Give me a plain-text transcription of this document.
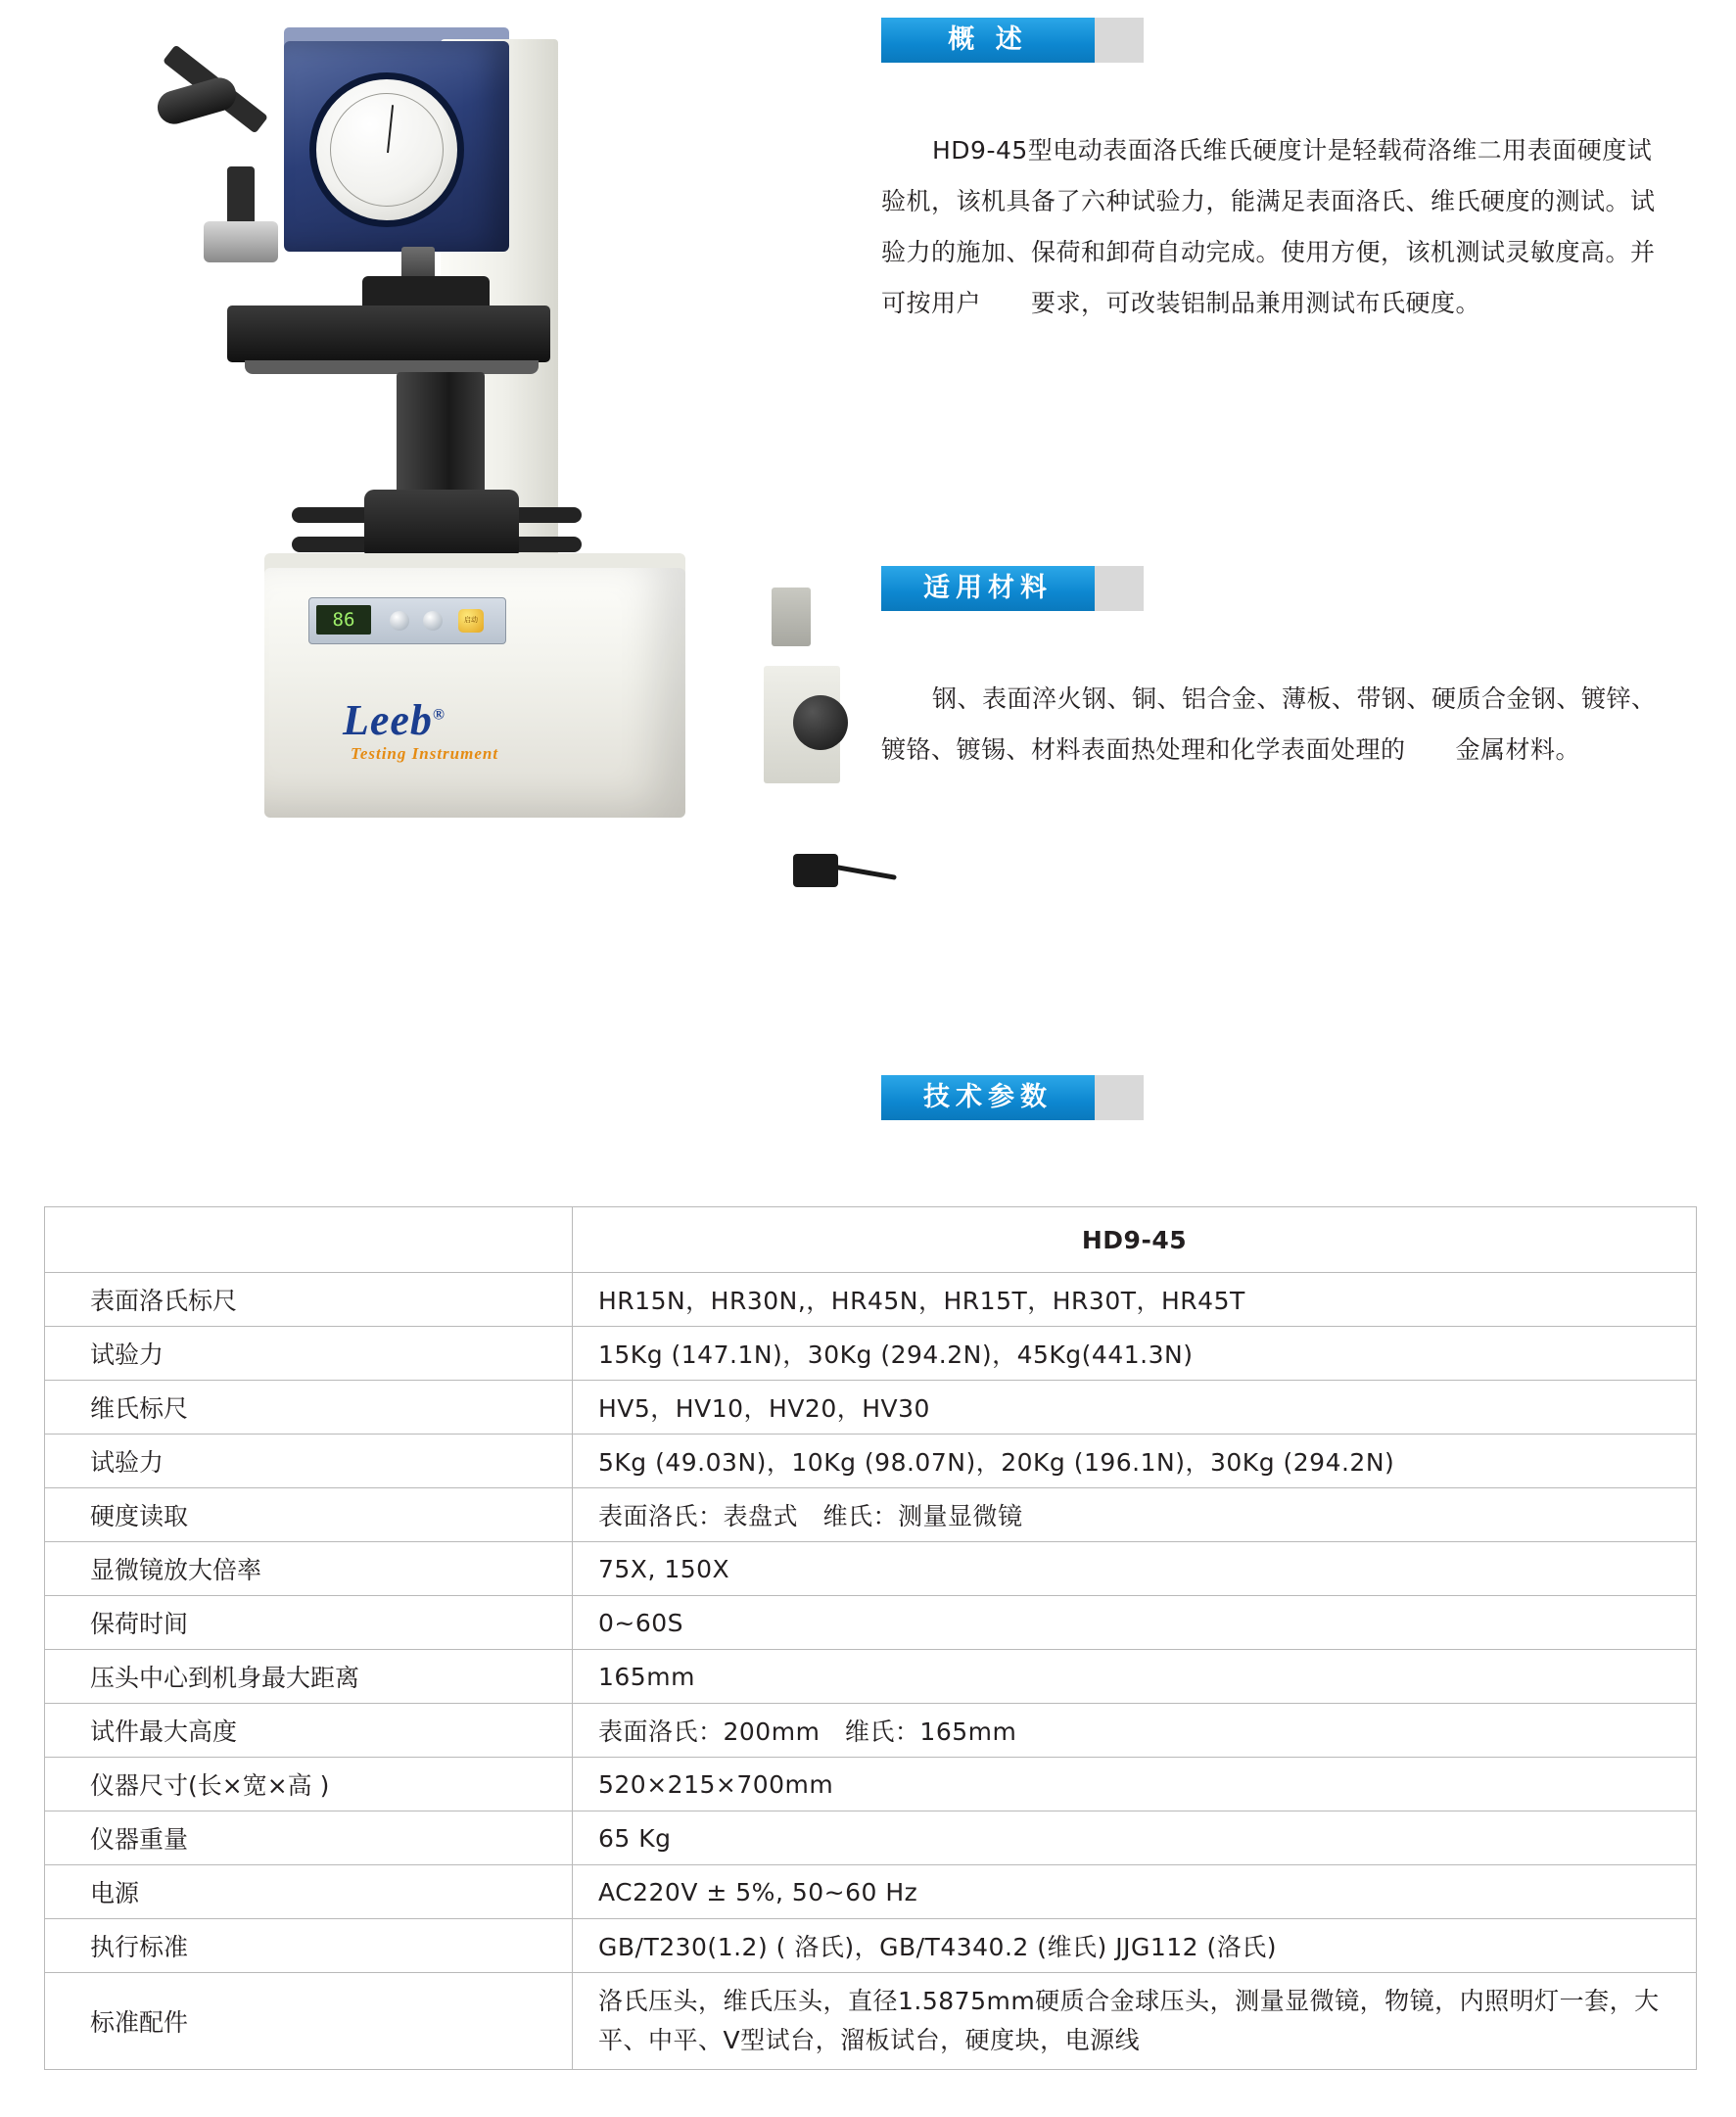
86	启动
Leeb®
Testing Instrument
概 述
HD9-45型电动表面洛氏维氏硬度计是轻载荷洛维二用表面硬度试验机，该机具备了六种试验力，能满足表面洛氏、维氏硬度的测试。试验力的施加、保荷和卸荷自动完成。使用方便，该机测试灵敏度高。并可按用户　　要求，可改装铝制品兼用测试布氏硬度。
适用材料
钢、表面淬火钢、铜、铝合金、薄板、带钢、硬质合金钢、镀锌、镀铬、镀锡、材料表面热处理和化学表面处理的　　金属材料。
技术参数
型号
项目名称	HD9-45
表面洛氏标尺	HR15N，HR30N,，HR45N，HR15T，HR30T，HR45T
试验力	15Kg (147.1N)，30Kg (294.2N)，45Kg(441.3N)
维氏标尺	HV5，HV10，HV20，HV30
试验力	5Kg (49.03N)，10Kg (98.07N)，20Kg (196.1N)，30Kg (294.2N)
硬度读取	表面洛氏：表盘式　维氏：测量显微镜
显微镜放大倍率	75X, 150X
保荷时间	0~60S
压头中心到机身最大距离	165mm
试件最大高度	表面洛氏：200mm　维氏：165mm
仪器尺寸(长×宽×高 )	520×215×700mm
仪器重量	65 Kg
电源	AC220V ± 5%, 50~60 Hz
执行标准	GB/T230(1.2) ( 洛氏)，GB/T4340.2 (维氏) JJG112 (洛氏)
标准配件	洛氏压头，维氏压头，直径1.5875mm硬质合金球压头，测量显微镜，物镜，内照明灯一套，大平、中平、V型试台，溜板试台，硬度块，电源线
